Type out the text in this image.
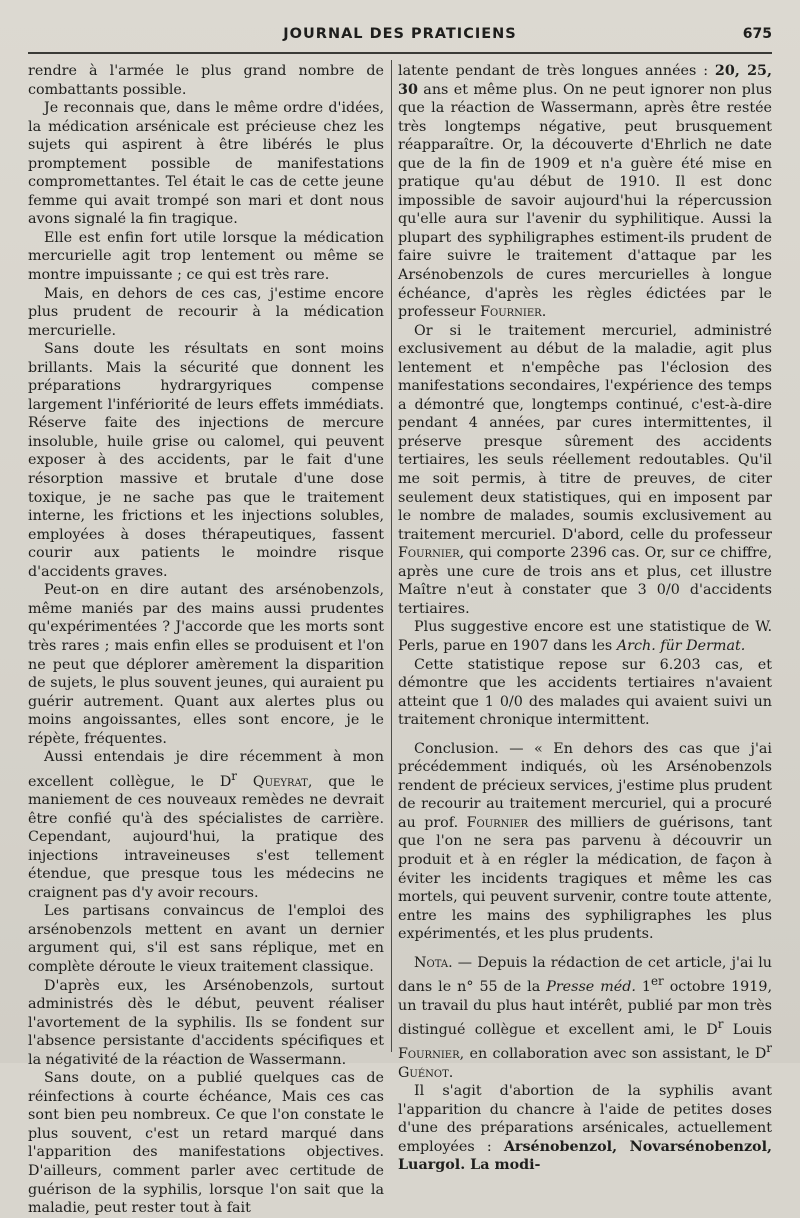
JOURNAL DES PRATICIENS	675

rendre à l'armée le plus grand nombre de combattants possible.

Je reconnais que, dans le même ordre d'idées, la médication arsénicale est précieuse chez les sujets qui aspirent à être libérés le plus promptement possible de manifestations compromettantes. Tel était le cas de cette jeune femme qui avait trompé son mari et dont nous avons signalé la fin tragique.

Elle est enfin fort utile lorsque la médication mercurielle agit trop lentement ou même se montre impuissante ; ce qui est très rare.

Mais, en dehors de ces cas, j'estime encore plus prudent de recourir à la médication mercurielle.

Sans doute les résultats en sont moins brillants. Mais la sécurité que donnent les préparations hydrargyriques compense largement l'infériorité de leurs effets immédiats. Réserve faite des injections de mercure insoluble, huile grise ou calomel, qui peuvent exposer à des accidents, par le fait d'une résorption massive et brutale d'une dose toxique, je ne sache pas que le traitement interne, les frictions et les injections solubles, employées à doses thérapeutiques, fassent courir aux patients le moindre risque d'accidents graves.

Peut-on en dire autant des arsénobenzols, même maniés par des mains aussi prudentes qu'expérimentées ? J'accorde que les morts sont très rares ; mais enfin elles se produisent et l'on ne peut que déplorer amèrement la disparition de sujets, le plus souvent jeunes, qui auraient pu guérir autrement. Quant aux alertes plus ou moins angoissantes, elles sont encore, je le répète, fréquentes.

Aussi entendais je dire récemment à mon excellent collègue, le $D^r$ Queyrat, que le maniement de ces nouveaux remèdes ne devrait être confié qu'à des spécialistes de carrière. Cependant, aujourd'hui, la pratique des injections intraveineuses s'est tellement étendue, que presque tous les médecins ne craignent pas d'y avoir recours.

Les partisans convaincus de l'emploi des arsénobenzols mettent en avant un dernier argument qui, s'il est sans réplique, met en complète déroute le vieux traitement classique.

D'après eux, les Arsénobenzols, surtout administrés dès le début, peuvent réaliser l'avortement de la syphilis. Ils se fondent sur l'absence persistante d'accidents spécifiques et la négativité de la réaction de Wassermann.

Sans doute, on a publié quelques cas de réinfections à courte échéance, Mais ces cas sont bien peu nombreux. Ce que l'on constate le plus souvent, c'est un retard marqué dans l'apparition des manifestations objectives. D'ailleurs, comment parler avec certitude de guérison de la syphilis, lorsque l'on sait que la maladie, peut rester tout à fait

latente pendant de très longues années : 20, 25, 30 ans et même plus. On ne peut ignorer non plus que la réaction de Wassermann, après être restée très longtemps négative, peut brusquement réapparaître. Or, la découverte d'Ehrlich ne date que de la fin de 1909 et n'a guère été mise en pratique qu'au début de 1910. Il est donc impossible de savoir aujourd'hui la répercussion qu'elle aura sur l'avenir du syphilitique. Aussi la plupart des syphiligraphes estiment-ils prudent de faire suivre le traitement d'attaque par les Arsénobenzols de cures mercurielles à longue échéance, d'après les règles édictées par le professeur Fournier.

Or si le traitement mercuriel, administré exclusivement au début de la maladie, agit plus lentement et n'empêche pas l'éclosion des manifestations secondaires, l'expérience des temps a démontré que, longtemps continué, c'est-à-dire pendant 4 années, par cures intermittentes, il préserve presque sûrement des accidents tertiaires, les seuls réellement redoutables. Qu'il me soit permis, à titre de preuves, de citer seulement deux statistiques, qui en imposent par le nombre de malades, soumis exclusivement au traitement mercuriel. D'abord, celle du professeur Fournier, qui comporte 2396 cas. Or, sur ce chiffre, après une cure de trois ans et plus, cet illustre Maître n'eut à constater que 3 0/0 d'accidents tertiaires.

Plus suggestive encore est une statistique de W. Perls, parue en 1907 dans les Arch. für Dermat.

Cette statistique repose sur 6.203 cas, et démontre que les accidents tertiaires n'avaient atteint que 1 0/0 des malades qui avaient suivi un traitement chronique intermittent.

Conclusion. — « En dehors des cas que j'ai précédemment indiqués, où les Arsénobenzols rendent de précieux services, j'estime plus prudent de recourir au traitement mercuriel, qui a procuré au prof. Fournier des milliers de guérisons, tant que l'on ne sera pas parvenu à découvrir un produit et à en régler la médication, de façon à éviter les incidents tragiques et même les cas mortels, qui peuvent survenir, contre toute attente, entre les mains des syphiligraphes les plus expérimentés, et les plus prudents.

Nota. — Depuis la rédaction de cet article, j'ai lu dans le n° 55 de la Presse méd. 1er octobre 1919, un travail du plus haut intérêt, publié par mon très distingué collègue et excellent ami, le $D^r$ Louis Fournier, en collaboration avec son assistant, le $D^r$ Guénot.

Il s'agit d'abortion de la syphilis avant l'apparition du chancre à l'aide de petites doses d'une des préparations arsénicales, actuellement employées : Arsénobenzol, Novarsénobenzol, Luargol. La modi-
